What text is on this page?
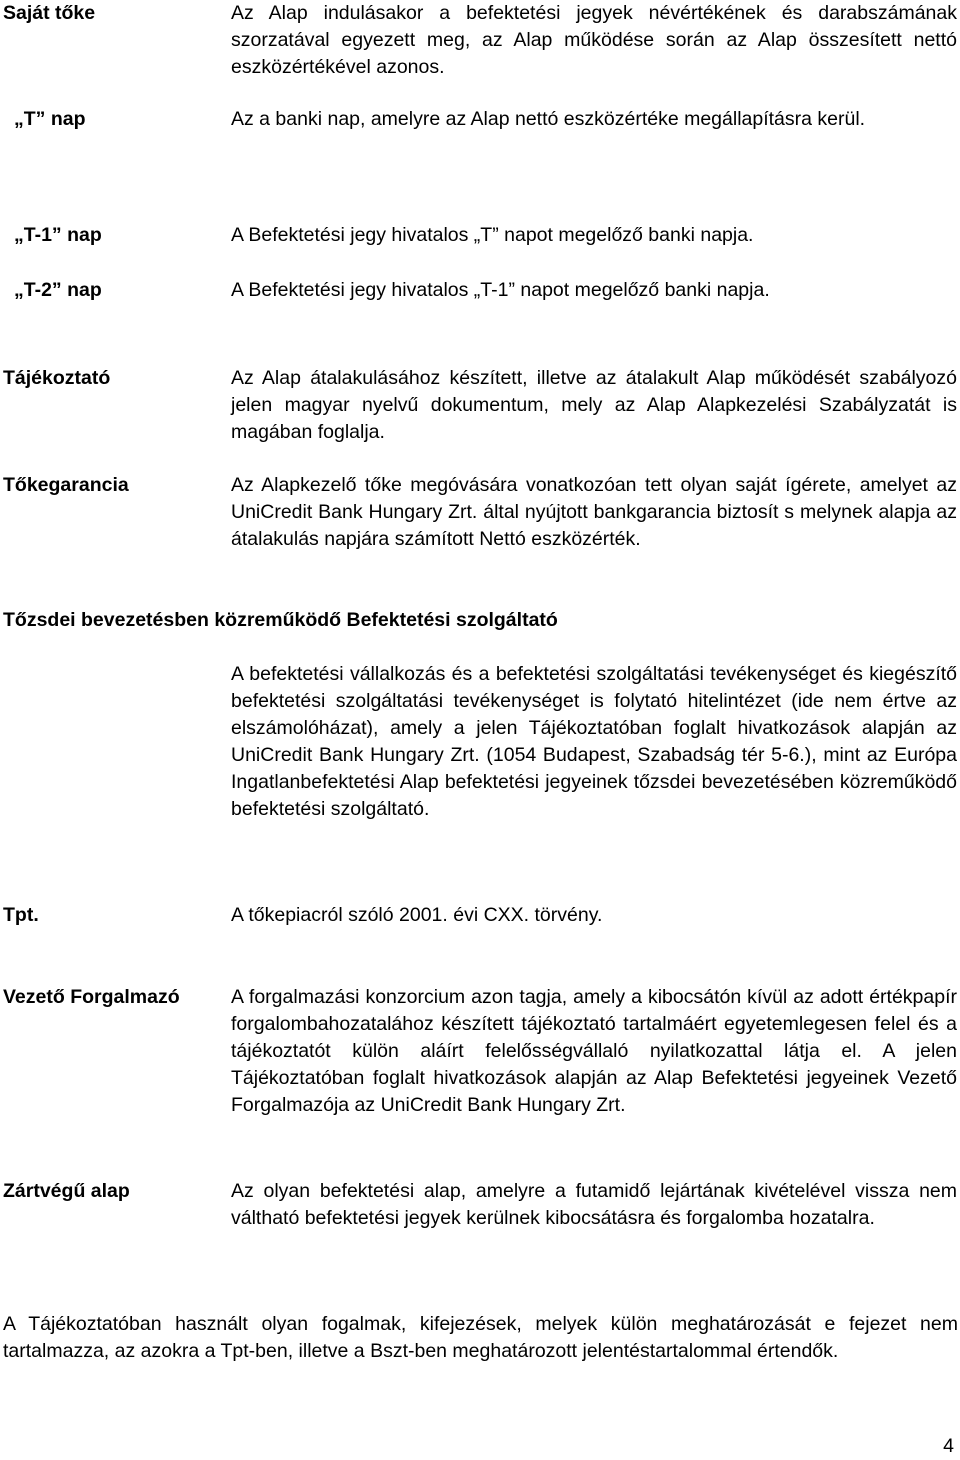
Saját tőke	Az Alap indulásakor a befektetési jegyek névértékének és darabszámának szorzatával egyezett meg, az Alap működése során az Alap összesített nettó eszközértékével azonos.
„T” nap	Az a banki nap, amelyre az Alap nettó eszközértéke megállapításra kerül.
„T-1” nap	A Befektetési jegy hivatalos „T” napot megelőző banki napja.
„T-2” nap	A Befektetési jegy hivatalos „T-1” napot megelőző banki napja.
Tájékoztató	Az Alap átalakulásához készített, illetve az átalakult Alap működését szabályozó jelen magyar nyelvű dokumentum, mely az Alap Alapkezelési Szabályzatát is magában foglalja.
Tőkegarancia	Az Alapkezelő tőke megóvására vonatkozóan tett olyan saját ígérete, amelyet az UniCredit Bank Hungary Zrt. által nyújtott bankgarancia biztosít s melynek alapja az átalakulás napjára számított Nettó eszközérték.
Tőzsdei bevezetésben közreműködő Befektetési szolgáltató
A befektetési vállalkozás és a befektetési szolgáltatási tevékenységet és kiegészítő befektetési szolgáltatási tevékenységet is folytató hitelintézet (ide nem értve az elszámolóházat), amely a jelen Tájékoztatóban foglalt hivatkozások alapján az UniCredit Bank Hungary Zrt. (1054 Budapest, Szabadság tér 5-6.), mint az Európa Ingatlanbefektetési Alap befektetési jegyeinek tőzsdei bevezetésében közreműködő befektetési szolgáltató.
Tpt.	A tőkepiacról szóló 2001. évi CXX. törvény.
Vezető Forgalmazó	A forgalmazási konzorcium azon tagja, amely a kibocsátón kívül az adott értékpapír forgalombahozatalához készített tájékoztató tartalmáért egyetemlegesen felel és a tájékoztatót külön aláírt felelősségvállaló nyilatkozattal látja el. A jelen Tájékoztatóban foglalt hivatkozások alapján az Alap Befektetési jegyeinek Vezető Forgalmazója az UniCredit Bank Hungary Zrt.
Zártvégű alap	Az olyan befektetési alap, amelyre a futamidő lejártának kivételével vissza nem váltható befektetési jegyek kerülnek kibocsátásra és forgalomba hozatalra.
A Tájékoztatóban használt olyan fogalmak, kifejezések, melyek külön meghatározását e fejezet nem tartalmazza, az azokra a Tpt-ben, illetve a Bszt-ben meghatározott jelentéstartalommal értendők.
4
